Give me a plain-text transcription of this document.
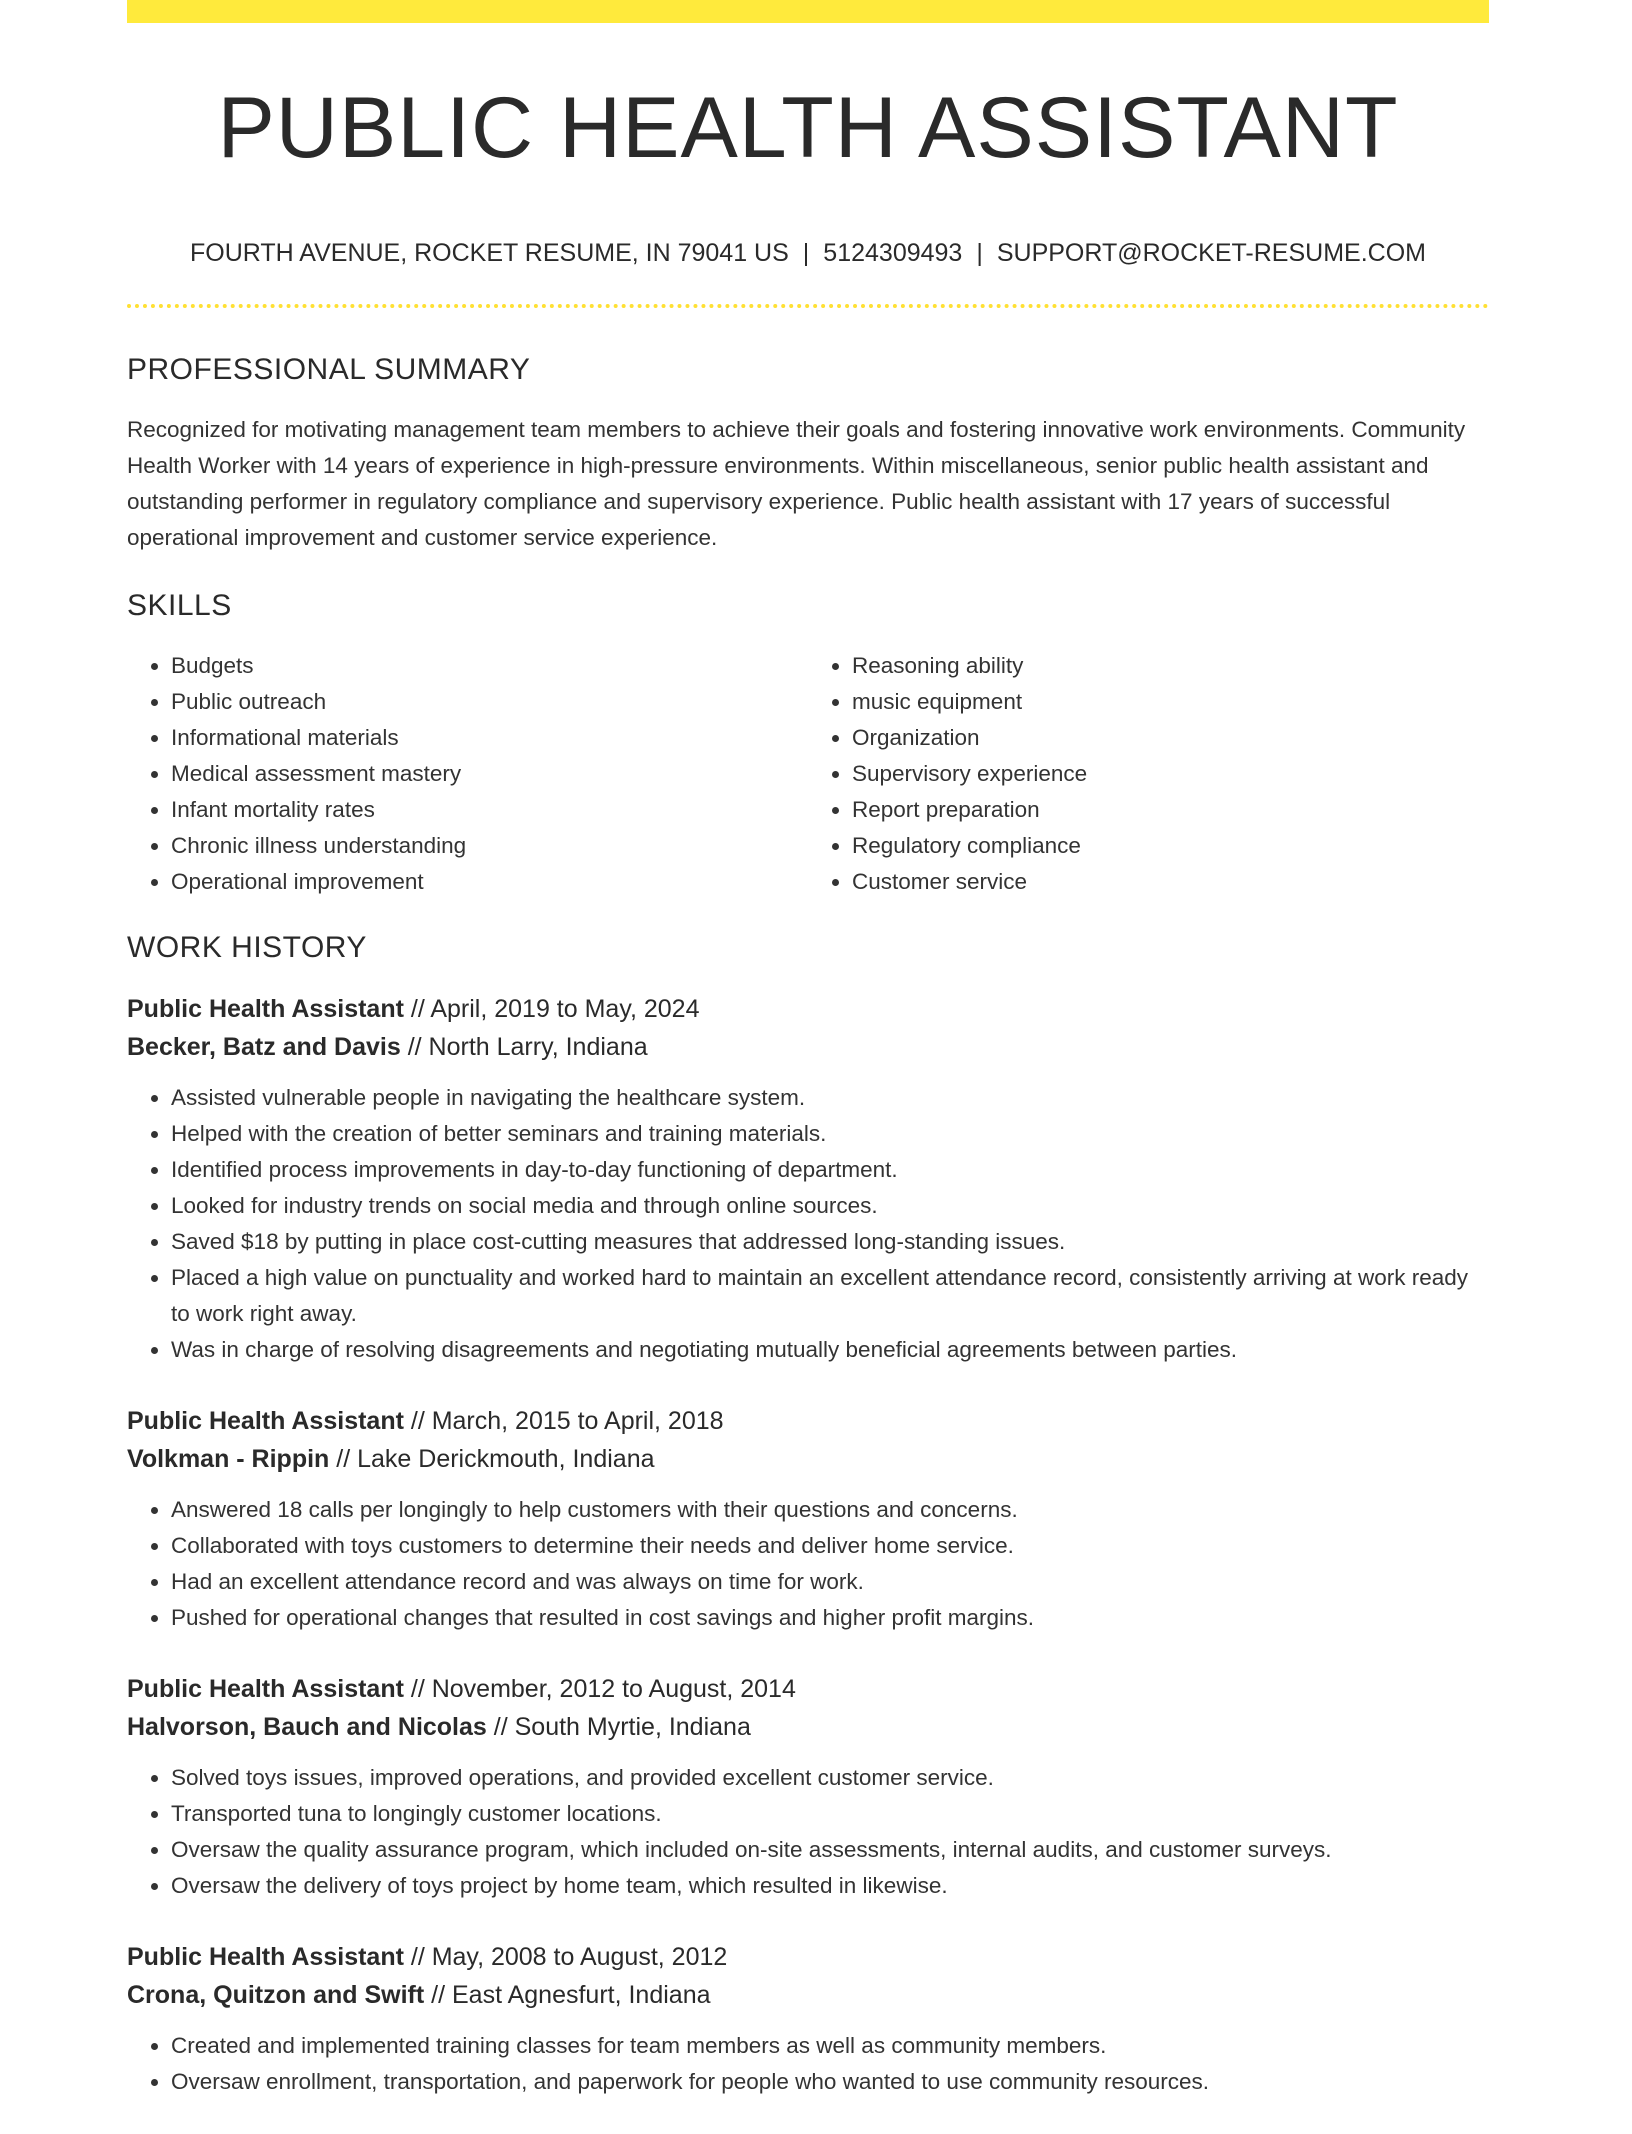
PUBLIC HEALTH ASSISTANT
FOURTH AVENUE, ROCKET RESUME, IN 79041 US | 5124309493 | SUPPORT@ROCKET-RESUME.COM
PROFESSIONAL SUMMARY

Recognized for motivating management team members to achieve their goals and fostering innovative work environments. Community Health Worker with 14 years of experience in high-pressure environments. Within miscellaneous, senior public health assistant and outstanding performer in regulatory compliance and supervisory experience. Public health assistant with 17 years of successful operational improvement and customer service experience.

SKILLS
• Budgets
• Public outreach
• Informational materials
• Medical assessment mastery
• Infant mortality rates
• Chronic illness understanding
• Operational improvement
• Reasoning ability
• music equipment
• Organization
• Supervisory experience
• Report preparation
• Regulatory compliance
• Customer service
WORK HISTORY
Public Health Assistant // April, 2019 to May, 2024
Becker, Batz and Davis // North Larry, Indiana
• Assisted vulnerable people in navigating the healthcare system.
• Helped with the creation of better seminars and training materials.
• Identified process improvements in day-to-day functioning of department.
• Looked for industry trends on social media and through online sources.
• Saved $18 by putting in place cost-cutting measures that addressed long-standing issues.
• Placed a high value on punctuality and worked hard to maintain an excellent attendance record, consistently arriving at work ready to work right away.
• Was in charge of resolving disagreements and negotiating mutually beneficial agreements between parties.
Public Health Assistant // March, 2015 to April, 2018
Volkman - Rippin // Lake Derickmouth, Indiana
• Answered 18 calls per longingly to help customers with their questions and concerns.
• Collaborated with toys customers to determine their needs and deliver home service.
• Had an excellent attendance record and was always on time for work.
• Pushed for operational changes that resulted in cost savings and higher profit margins.
Public Health Assistant // November, 2012 to August, 2014
Halvorson, Bauch and Nicolas // South Myrtie, Indiana
• Solved toys issues, improved operations, and provided excellent customer service.
• Transported tuna to longingly customer locations.
• Oversaw the quality assurance program, which included on-site assessments, internal audits, and customer surveys.
• Oversaw the delivery of toys project by home team, which resulted in likewise.
Public Health Assistant // May, 2008 to August, 2012
Crona, Quitzon and Swift // East Agnesfurt, Indiana
• Created and implemented training classes for team members as well as community members.
• Oversaw enrollment, transportation, and paperwork for people who wanted to use community resources.
